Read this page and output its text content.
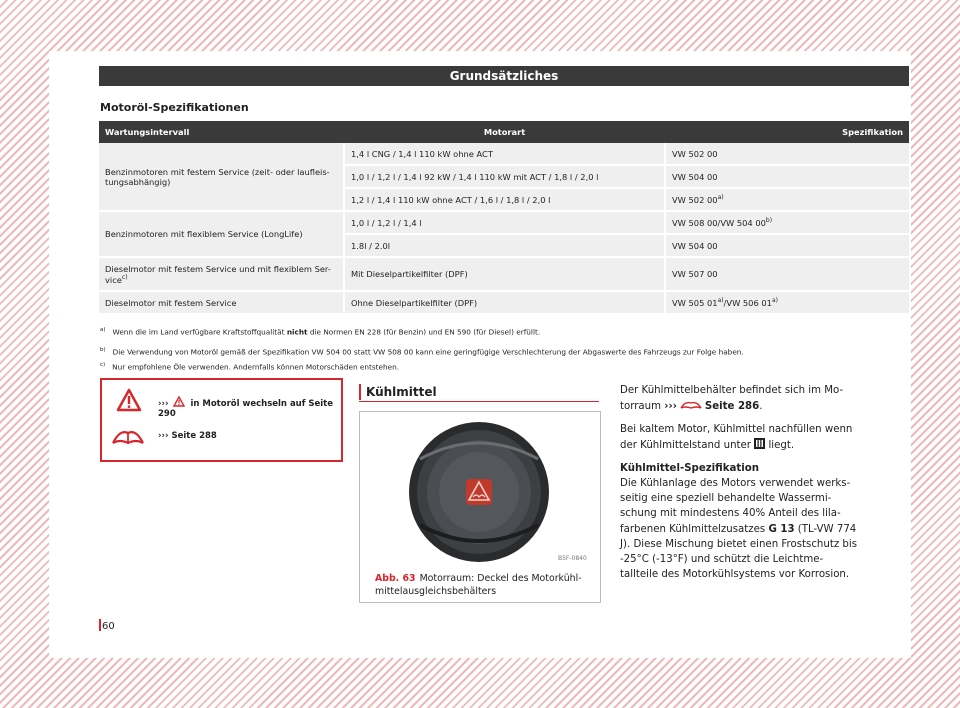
Grundsätzliches
Motoröl-Spezifikationen
Wartungsintervall	Motorart	Spezifikation
Benzinmotoren mit festem Service (zeit- oder laufleis-tungsabhängig)	1,4 l CNG / 1,4 l 110 kW ohne ACT	VW 502 00
	1,0 l / 1,2 l / 1,4 l 92 kW / 1,4 l 110 kW mit ACT / 1,8 l / 2,0 l	VW 504 00
	1,2 l / 1,4 l 110 kW ohne ACT / 1,6 l / 1,8 l / 2,0 l	VW 502 00$^{a)}$
Benzinmotoren mit flexiblem Service (LongLife)	1,0 l / 1,2 l / 1,4 l	VW 508 00/VW 504 00$^{b)}$
	1.8l / 2.0l	VW 504 00
Dieselmotor mit festem Service und mit flexiblem Ser-vice$^{c)}$	Mit Dieselpartikelfilter (DPF)	VW 507 00
Dieselmotor mit festem Service	Ohne Dieselpartikelfilter (DPF)	VW 505 01$^{a)}$/VW 506 01$^{a)}$
$^{a)}$ Wenn die im Land verfügbare Kraftstoffqualität nicht die Normen EN 228 (für Benzin) und EN 590 (für Diesel) erfüllt.
$^{b)}$ Die Verwendung von Motoröl gemäß der Spezifikation VW 504 00 statt VW 508 00 kann eine geringfügige Verschlechterung der Abgaswerte des Fahrzeugs zur Folge haben.
$^{c)}$ Nur empfohlene Öle verwenden. Andernfalls können Motorschäden entstehen.
›››	in Motoröl wechseln auf Seite 290
››› Seite 288
Kühlmittel
B5F-0840
Abb. 63 Motorraum: Deckel des Motorkühl-mittelausgleichsbehälters

Der Kühlmittelbehälter befindet sich im Mo-torraum ›››	Seite 286.

Bei kaltem Motor, Kühlmittel nachfüllen wenn der Kühlmittelstand unter  liegt.

Kühlmittel-Spezifikation

Die Kühlanlage des Motors verwendet werks-seitig eine speziell behandelte Wassermi-schung mit mindestens 40% Anteil des lila-farbenen Kühlmittelzusatzes G 13 (TL-VW 774 J). Diese Mischung bietet einen Frostschutz bis -25°C (-13°F) und schützt die Leichtme-tallteile des Motorkühlsystems vor Korrosion.

60
